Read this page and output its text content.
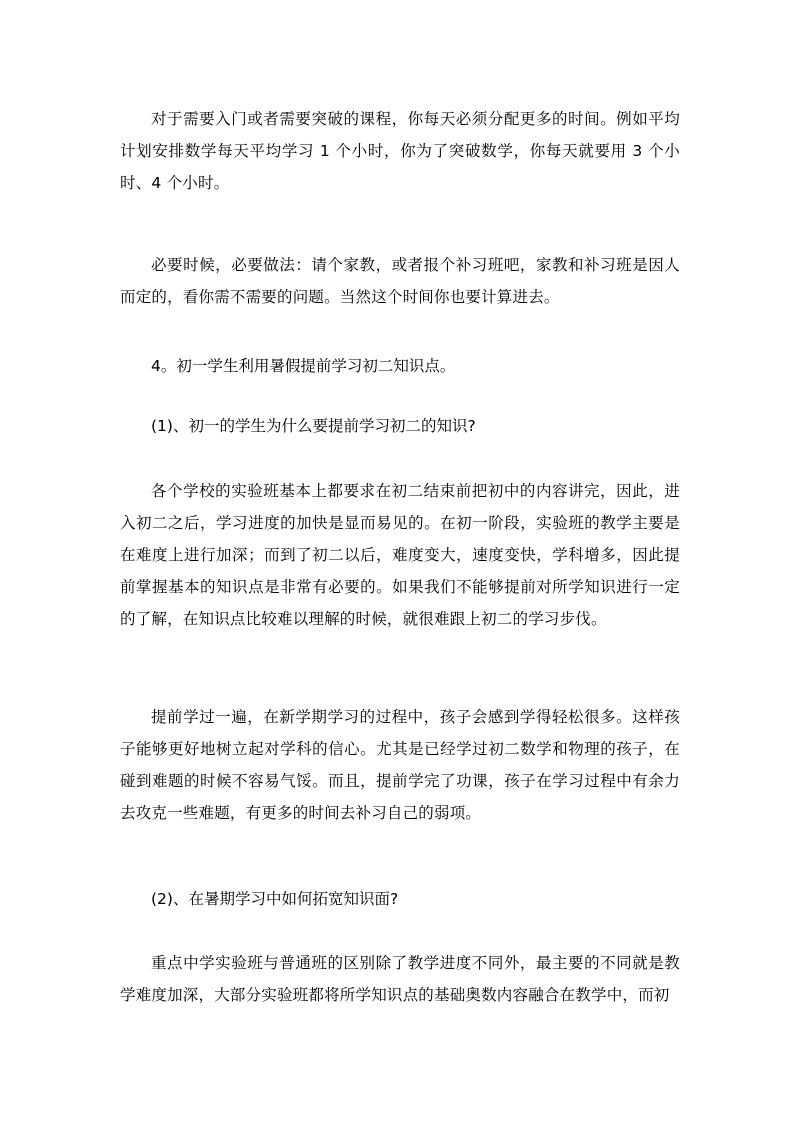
对于需要入门或者需要突破的课程，你每天必须分配更多的时间。例如平均计划安排数学每天平均学习 1 个小时，你为了突破数学，你每天就要用 3 个小时、4 个小时。

必要时候，必要做法：请个家教，或者报个补习班吧，家教和补习班是因人而定的，看你需不需要的问题。当然这个时间你也要计算进去。

4。初一学生利用暑假提前学习初二知识点。

(1)、初一的学生为什么要提前学习初二的知识?

各个学校的实验班基本上都要求在初二结束前把初中的内容讲完，因此，进入初二之后，学习进度的加快是显而易见的。在初一阶段，实验班的教学主要是在难度上进行加深；而到了初二以后，难度变大，速度变快，学科增多，因此提前掌握基本的知识点是非常有必要的。如果我们不能够提前对所学知识进行一定的了解，在知识点比较难以理解的时候，就很难跟上初二的学习步伐。

提前学过一遍，在新学期学习的过程中，孩子会感到学得轻松很多。这样孩子能够更好地树立起对学科的信心。尤其是已经学过初二数学和物理的孩子，在碰到难题的时候不容易气馁。而且，提前学完了功课，孩子在学习过程中有余力去攻克一些难题，有更多的时间去补习自己的弱项。

(2)、在暑期学习中如何拓宽知识面?

重点中学实验班与普通班的区别除了教学进度不同外，最主要的不同就是教学难度加深，大部分实验班都将所学知识点的基础奥数内容融合在教学中，而初
